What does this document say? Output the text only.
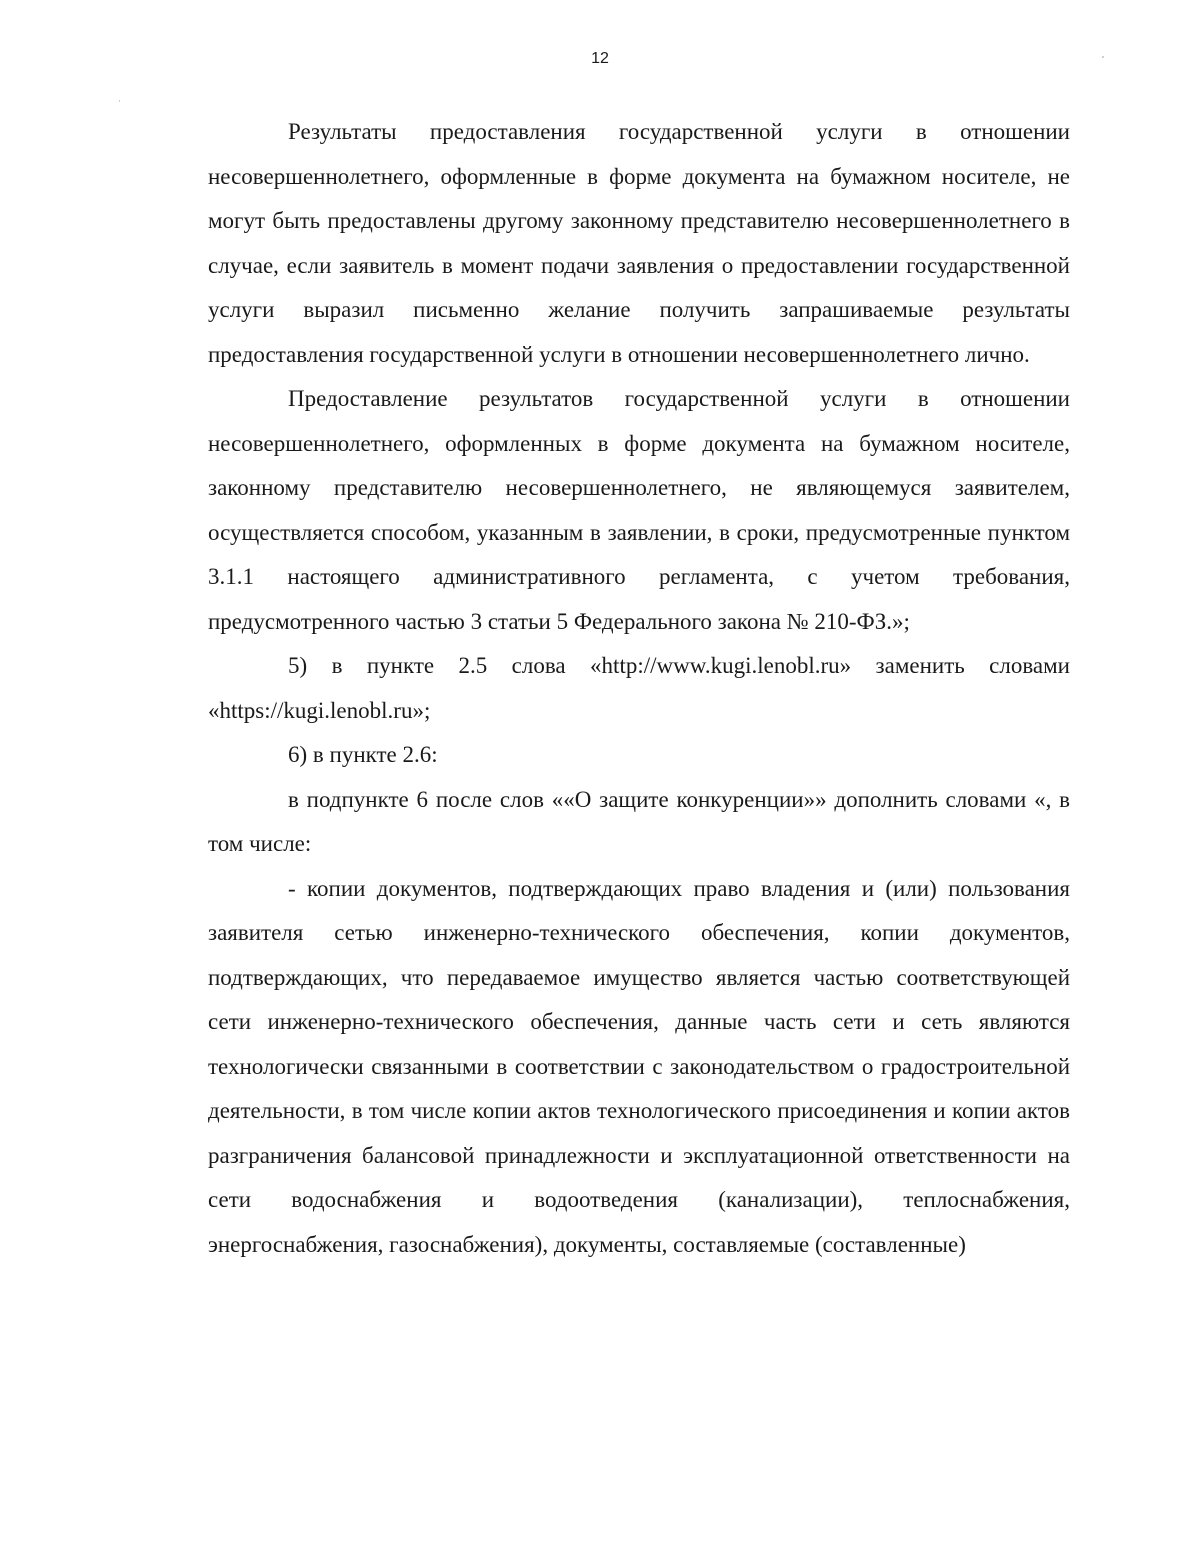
12

Результаты предоставления государственной услуги в отношении несовершеннолетнего, оформленные в форме документа на бумажном носителе, не могут быть предоставлены другому законному представителю несовершеннолетнего в случае, если заявитель в момент подачи заявления о предоставлении государственной услуги выразил письменно желание получить запрашиваемые результаты предоставления государственной услуги в отношении несовершеннолетнего лично.

Предоставление результатов государственной услуги в отношении несовершеннолетнего, оформленных в форме документа на бумажном носителе, законному представителю несовершеннолетнего, не являющемуся заявителем, осуществляется способом, указанным в заявлении, в сроки, предусмотренные пунктом 3.1.1 настоящего административного регламента, с учетом требования, предусмотренного частью 3 статьи 5 Федерального закона № 210-ФЗ.»;

5) в пункте 2.5 слова «http://www.kugi.lenobl.ru» заменить словами «https://kugi.lenobl.ru»;

6) в пункте 2.6:

в подпункте 6 после слов ««О защите конкуренции»» дополнить словами «, в том числе:

- копии документов, подтверждающих право владения и (или) пользования заявителя сетью инженерно-технического обеспечения, копии документов, подтверждающих, что передаваемое имущество является частью соответствующей сети инженерно-технического обеспечения, данные часть сети и сеть являются технологически связанными в соответствии с законодательством о градостроительной деятельности, в том числе копии актов технологического присоединения и копии актов разграничения балансовой принадлежности и эксплуатационной ответственности на сети водоснабжения и водоотведения (канализации), теплоснабжения, энергоснабжения, газоснабжения), документы, составляемые (составленные)
